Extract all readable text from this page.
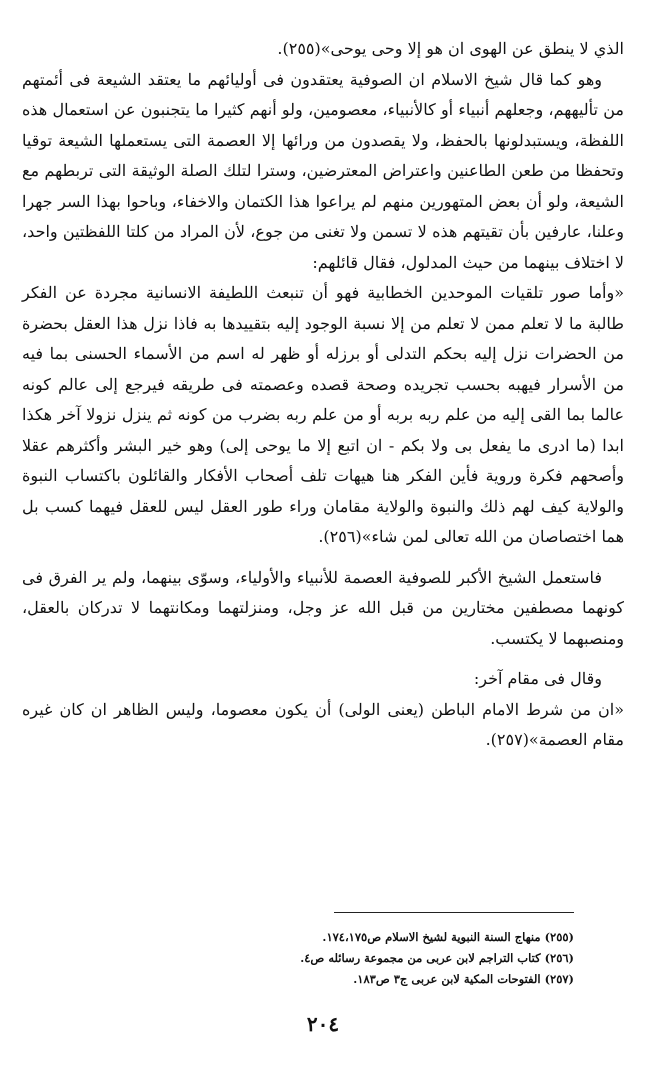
الذي لا ينطق عن الهوى ان هو إلا وحى يوحى»(٢٥٥).

وهو كما قال شيخ الاسلام ان الصوفية يعتقدون فى أوليائهم ما يعتقد الشيعة فى أئمتهم من تأليههم، وجعلهم أنبياء أو كالأنبياء، معصومين، ولو أنهم كثيرا ما يتجنبون عن استعمال هذه اللفظة، ويستبدلونها بالحفظ، ولا يقصدون من ورائها إلا العصمة التى يستعملها الشيعة توقيا وتحفظا من طعن الطاعنين واعتراض المعترضين، وسترا لتلك الصلة الوثيقة التى تربطهم مع الشيعة، ولو أن بعض المتهورين منهم لم يراعوا هذا الكتمان والاخفاء، وباحوا بهذا السر جهرا وعلنا، عارفين بأن تقيتهم هذه لا تسمن ولا تغنى من جوع، لأن المراد من كلتا اللفظتين واحد، لا اختلاف بينهما من حيث المدلول، فقال قائلهم:

«وأما صور تلقيات الموحدين الخطابية فهو أن تنبعث اللطيفة الانسانية مجردة عن الفكر طالبة ما لا تعلم ممن لا تعلم من إلا نسبة الوجود إليه بتقييدها به فاذا نزل هذا العقل بحضرة من الحضرات نزل إليه بحكم التدلى أو برزله أو ظهر له اسم من الأسماء الحسنى بما فيه من الأسرار فيهبه بحسب تجريده وصحة قصده وعصمته فى طريقه فيرجع إلى عالم كونه عالما بما القى إليه من علم ربه بربه أو من علم ربه بضرب من كونه ثم ينزل نزولا آخر هكذا ابدا (ما ادرى ما يفعل بى ولا بكم - ان اتبع إلا ما يوحى إلى) وهو خير البشر وأكثرهم عقلا وأصحهم فكرة وروية فأين الفكر هنا هيهات تلف أصحاب الأفكار والقائلون باكتساب النبوة والولاية كيف لهم ذلك والنبوة والولاية مقامان وراء طور العقل ليس للعقل فيهما كسب بل هما اختصاصان من الله تعالى لمن شاء»(٢٥٦).

فاستعمل الشيخ الأكبر للصوفية العصمة للأنبياء والأولياء، وسوّى بينهما، ولم ير الفرق فى كونهما مصطفين مختارين من قبل الله عز وجل، ومنزلتهما ومكانتهما لا تدركان بالعقل، ومنصبهما لا يكتسب.

وقال فى مقام آخر:

«ان من شرط الامام الباطن (يعنى الولى) أن يكون معصوما، وليس الظاهر ان كان غيره مقام العصمة»(٢٥٧).

(٢٥٥) منهاج السنة النبوية لشيخ الاسلام ص١٧٤،١٧٥.
(٢٥٦) كتاب التراجم لابن عربى من مجموعة رسائله ص٤.
(٢٥٧) الفتوحات المكية لابن عربى ج٣ ص١٨٣.
٢٠٤
